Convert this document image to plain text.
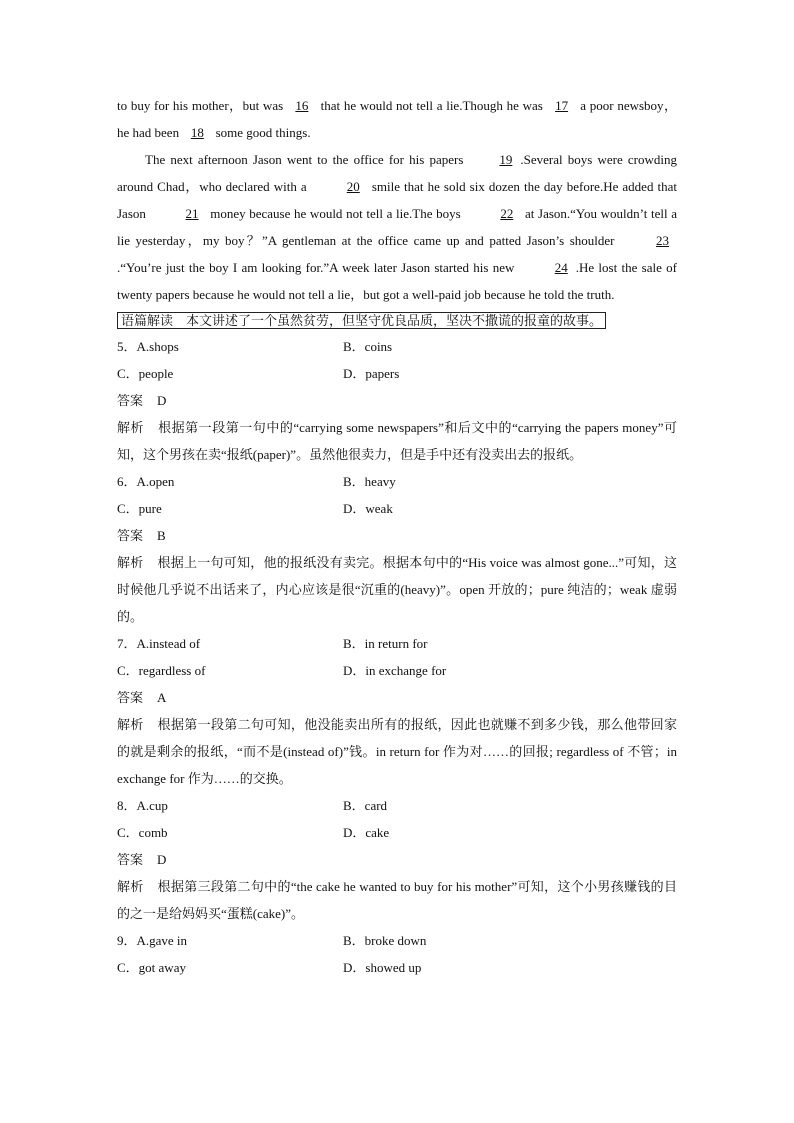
to buy for his mother，but was 16 that he would not tell a lie.Though he was 17 a poor newsboy，he had been 18 some good things.

The next afternoon Jason went to the office for his papers	19 .Several boys were crowding around Chad，who declared with a	20 smile that he sold six dozen the day before.He added that Jason	21 money because he would not tell a lie.The boys	22 at Jason.“You wouldn’t tell a lie yesterday，my boy？”A gentleman at the office came up and patted Jason’s shoulder	23.“You’re just the boy I am looking for.”A week later Jason started his new	24 .He lost the sale of twenty papers because he would not tell a lie，but got a well-paid job because he told the truth.

语篇解读　本文讲述了一个虽然贫劳，但坚守优良品质，坚决不撒谎的报童的故事。
5．A.shops	B．coins
C．people	D．papers
答案 D

解析 根据第一段第一句中的“carrying some newspapers”和后文中的“carrying the papers money”可知，这个男孩在卖“报纸(paper)”。虽然他很卖力，但是手中还有没卖出去的报纸。

6．A.open	B．heavy
C．pure	D．weak
答案 B

解析 根据上一句可知，他的报纸没有卖完。根据本句中的“His voice was almost gone...”可知，这时候他几乎说不出话来了，内心应该是很“沉重的(heavy)”。open 开放的；pure 纯洁的；weak 虚弱的。

7．A.instead of	B．in return for
C．regardless of	D．in exchange for
答案 A

解析 根据第一段第二句可知，他没能卖出所有的报纸，因此也就赚不到多少钱，那么他带回家的就是剩余的报纸，“而不是(instead of)”钱。in return for 作为对……的回报; regardless of 不管；in exchange for 作为……的交换。

8．A.cup	B．card
C．comb	D．cake
答案 D

解析 根据第三段第二句中的“the cake he wanted to buy for his mother”可知，这个小男孩赚钱的目的之一是给妈妈买“蛋糕(cake)”。

9．A.gave in	B．broke down
C．got away	D．showed up
